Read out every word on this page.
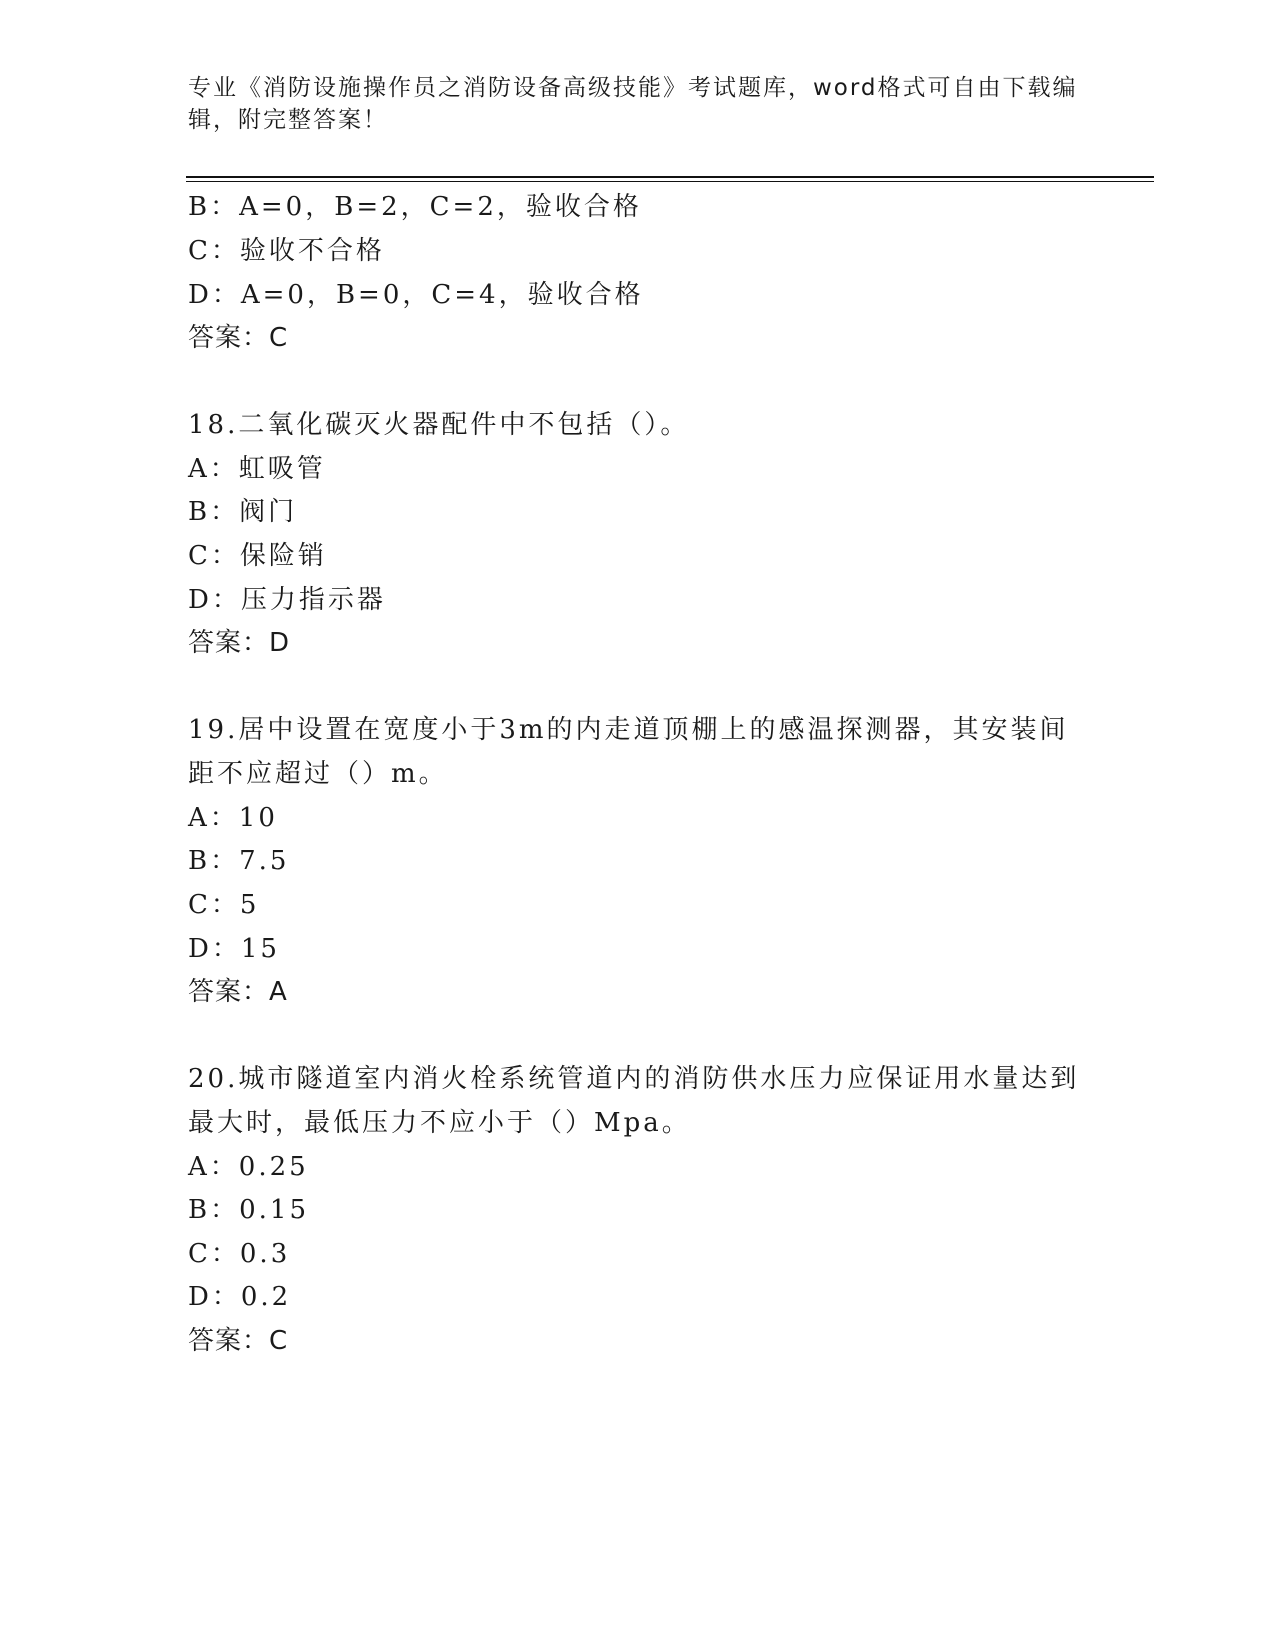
专业《消防设施操作员之消防设备高级技能》考试题库，word格式可自由下载编
辑，附完整答案！
B：A=0，B=2，C=2，验收合格
C：验收不合格
D：A=0，B=0，C=4，验收合格
答案：C
18.二氧化碳灭火器配件中不包括（）。
A：虹吸管
B：阀门
C：保险销
D：压力指示器
答案：D
19.居中设置在宽度小于3m的内走道顶棚上的感温探测器，其安装间
距不应超过（）m。
A：10
B：7.5
C：5
D：15
答案：A
20.城市隧道室内消火栓系统管道内的消防供水压力应保证用水量达到
最大时，最低压力不应小于（）Mpa。
A：0.25
B：0.15
C：0.3
D：0.2
答案：C
